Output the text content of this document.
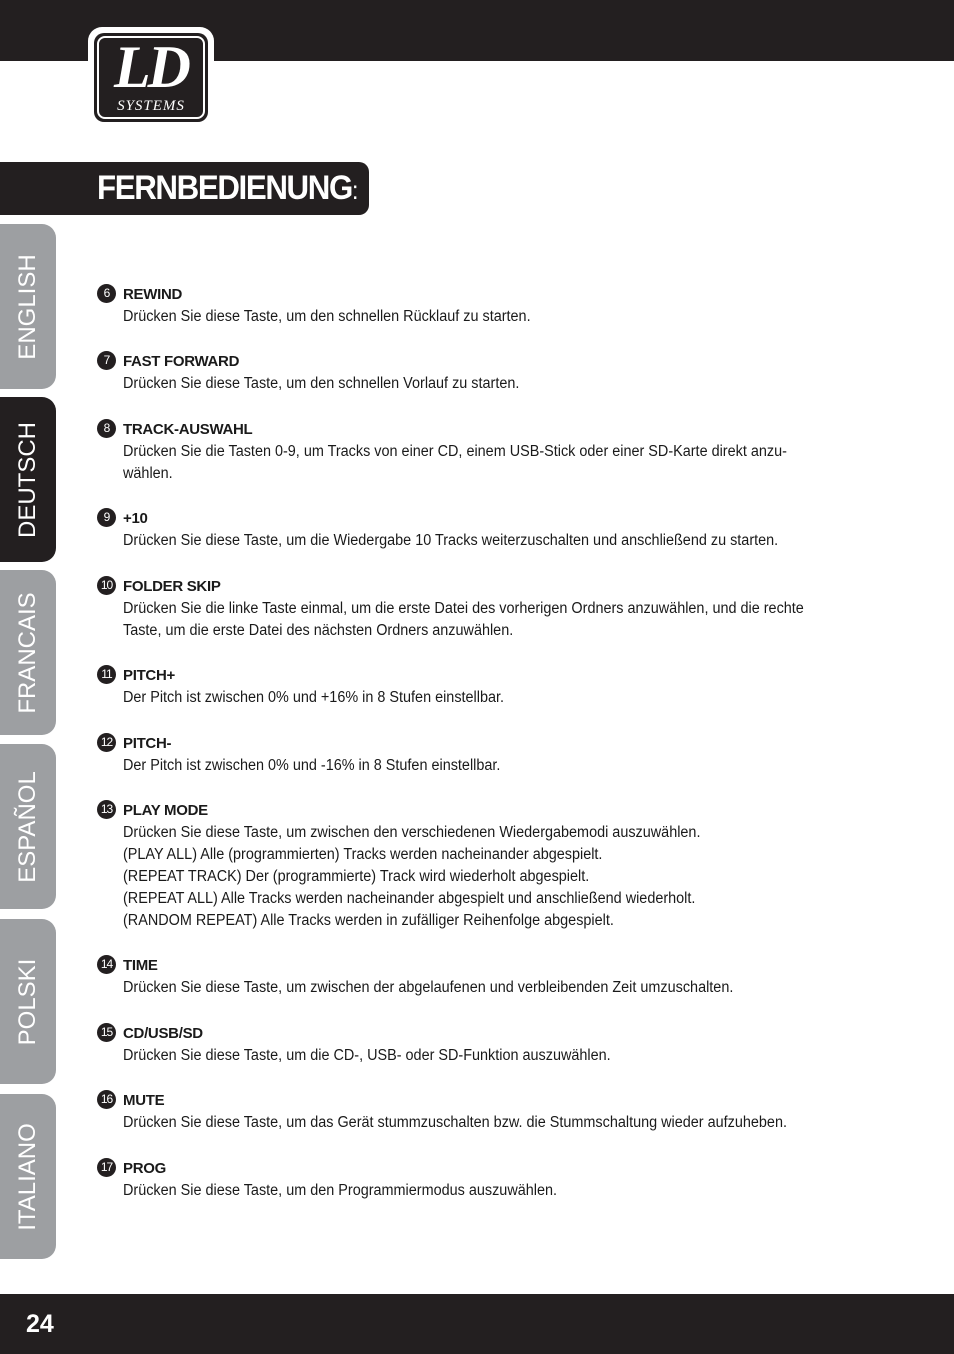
LD
SYSTEMS
FERNBEDIENUNG:
ENGLISH
DEUTSCH
FRANCAIS
ESPAÑOL
POLSKI
ITALIANO
6 REWIND
Drücken Sie diese Taste, um den schnellen Rücklauf zu starten.
7 FAST FORWARD
Drücken Sie diese Taste, um den schnellen Vorlauf zu starten.
8 TRACK-AUSWAHL
Drücken Sie die Tasten 0-9, um Tracks von einer CD, einem USB-Stick oder einer SD-Karte direkt anzu-
wählen.
9 +10
Drücken Sie diese Taste, um die Wiedergabe 10 Tracks weiterzuschalten und anschließend zu starten.
10 FOLDER SKIP
Drücken Sie die linke Taste einmal, um die erste Datei des vorherigen Ordners anzuwählen, und die rechte
Taste, um die erste Datei des nächsten Ordners anzuwählen.
11 PITCH+
Der Pitch ist zwischen 0% und +16% in 8 Stufen einstellbar.
12 PITCH-
Der Pitch ist zwischen 0% und -16% in 8 Stufen einstellbar.
13 PLAY MODE
Drücken Sie diese Taste, um zwischen den verschiedenen Wiedergabemodi auszuwählen.
(PLAY ALL) Alle (programmierten) Tracks werden nacheinander abgespielt.
(REPEAT TRACK) Der (programmierte) Track wird wiederholt abgespielt.
(REPEAT ALL) Alle Tracks werden nacheinander abgespielt und anschließend wiederholt.
(RANDOM REPEAT) Alle Tracks werden in zufälliger Reihenfolge abgespielt.
14 TIME
Drücken Sie diese Taste, um zwischen der abgelaufenen und verbleibenden Zeit umzuschalten.
15 CD/USB/SD
Drücken Sie diese Taste, um die CD-, USB- oder SD-Funktion auszuwählen.
16 MUTE
Drücken Sie diese Taste, um das Gerät stummzuschalten bzw. die Stummschaltung wieder aufzuheben.
17 PROG
Drücken Sie diese Taste, um den Programmiermodus auszuwählen.
24
